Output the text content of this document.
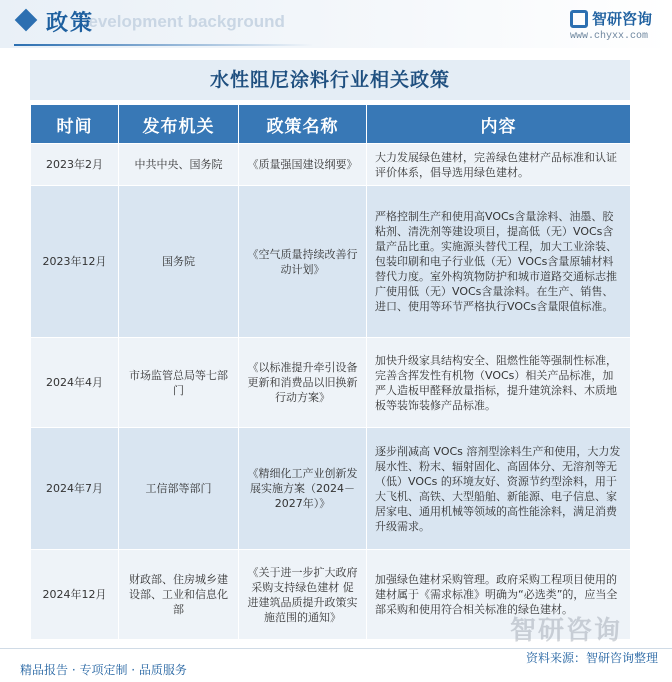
development background
政策	智研咨询
www.chyxx.com
水性阻尼涂料行业相关政策
时间	发布机关	政策名称	内容
2023年2月	中共中央、国务院	《质量强国建设纲要》	大力发展绿色建材，完善绿色建材产品标准和认证评价体系，倡导选用绿色建材。
2023年12月	国务院	《空气质量持续改善行动计划》	严格控制生产和使用高VOCs含量涂料、油墨、胶粘剂、清洗剂等建设项目，提高低（无）VOCs含量产品比重。实施源头替代工程，加大工业涂装、包装印刷和电子行业低（无）VOCs含量原辅材料替代力度。室外构筑物防护和城市道路交通标志推广使用低（无）VOCs含量涂料。在生产、销售、进口、使用等环节严格执行VOCs含量限值标准。
2024年4月	市场监管总局等七部门	《以标准提升牵引设备更新和消费品以旧换新行动方案》	加快升级家具结构安全、阻燃性能等强制性标准，完善含挥发性有机物（VOCs）相关产品标准，加严人造板甲醛释放量指标，提升建筑涂料、木质地板等装饰装修产品标准。
2024年7月	工信部等部门	《精细化工产业创新发展实施方案（2024－2027年）》	逐步削减高 VOCs 溶剂型涂料生产和使用，大力发展水性、粉末、辐射固化、高固体分、无溶剂等无（低）VOCs 的环境友好、资源节约型涂料，用于大飞机、高铁、大型船舶、新能源、电子信息、家居家电、通用机械等领域的高性能涂料，满足消费升级需求。
2024年12月	财政部、住房城乡建设部、工业和信息化部	《关于进一步扩大政府采购支持绿色建材 促进建筑品质提升政策实施范围的通知》	加强绿色建材采购管理。政府采购工程项目使用的建材属于《需求标准》明确为“必选类”的，应当全部采购和使用符合相关标准的绿色建材。
智研咨询
精品报告 · 专项定制 · 品质服务
资料来源：智研咨询整理
